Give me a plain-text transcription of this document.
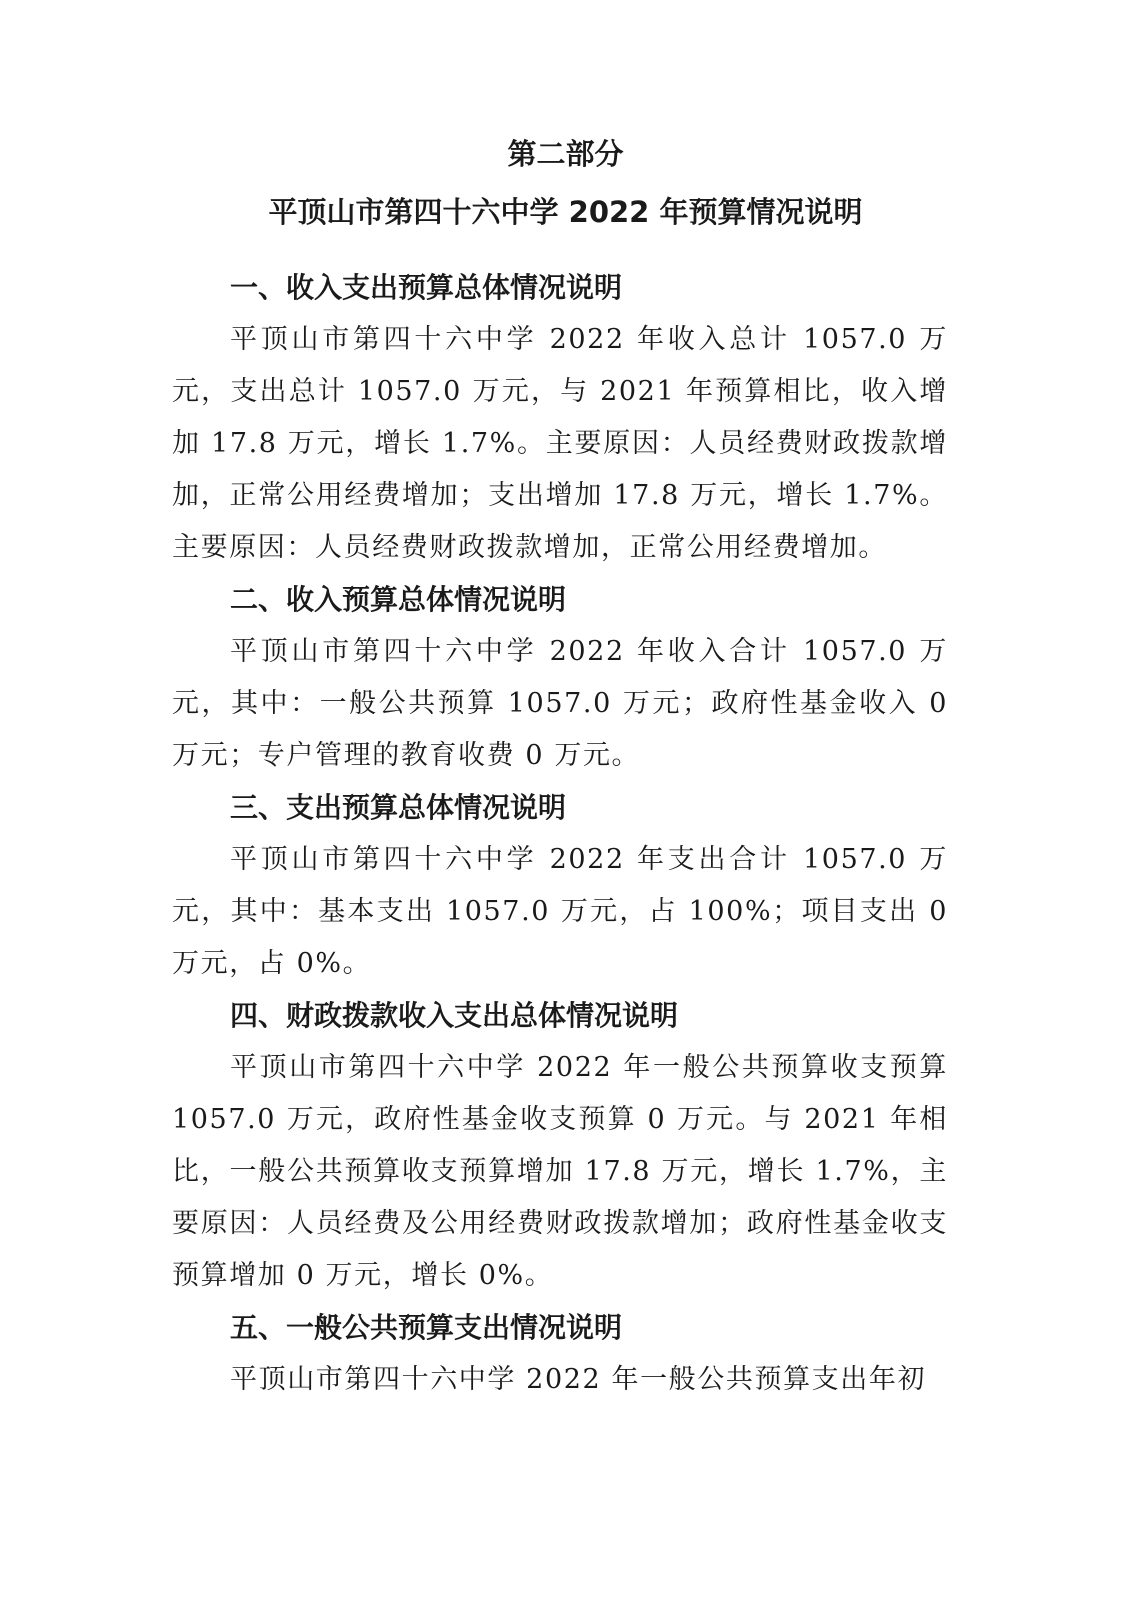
第二部分
平顶山市第四十六中学 2022 年预算情况说明
一、收入支出预算总体情况说明

平顶山市第四十六中学 2022 年收入总计 1057.0 万元，支出总计 1057.0 万元，与 2021 年预算相比，收入增加 17.8 万元，增长 1.7%。主要原因：人员经费财政拨款增加，正常公用经费增加；支出增加 17.8 万元，增长 1.7%。主要原因：人员经费财政拨款增加，正常公用经费增加。

二、收入预算总体情况说明

平顶山市第四十六中学 2022 年收入合计 1057.0 万元，其中：一般公共预算 1057.0 万元；政府性基金收入 0 万元；专户管理的教育收费 0 万元。

三、支出预算总体情况说明

平顶山市第四十六中学 2022 年支出合计 1057.0 万元，其中：基本支出 1057.0 万元，占 100%；项目支出 0 万元，占 0%。

四、财政拨款收入支出总体情况说明

平顶山市第四十六中学 2022 年一般公共预算收支预算 1057.0 万元，政府性基金收支预算 0 万元。与 2021 年相比，一般公共预算收支预算增加 17.8 万元，增长 1.7%，主要原因：人员经费及公用经费财政拨款增加；政府性基金收支预算增加 0 万元，增长 0%。

五、一般公共预算支出情况说明

平顶山市第四十六中学 2022 年一般公共预算支出年初
